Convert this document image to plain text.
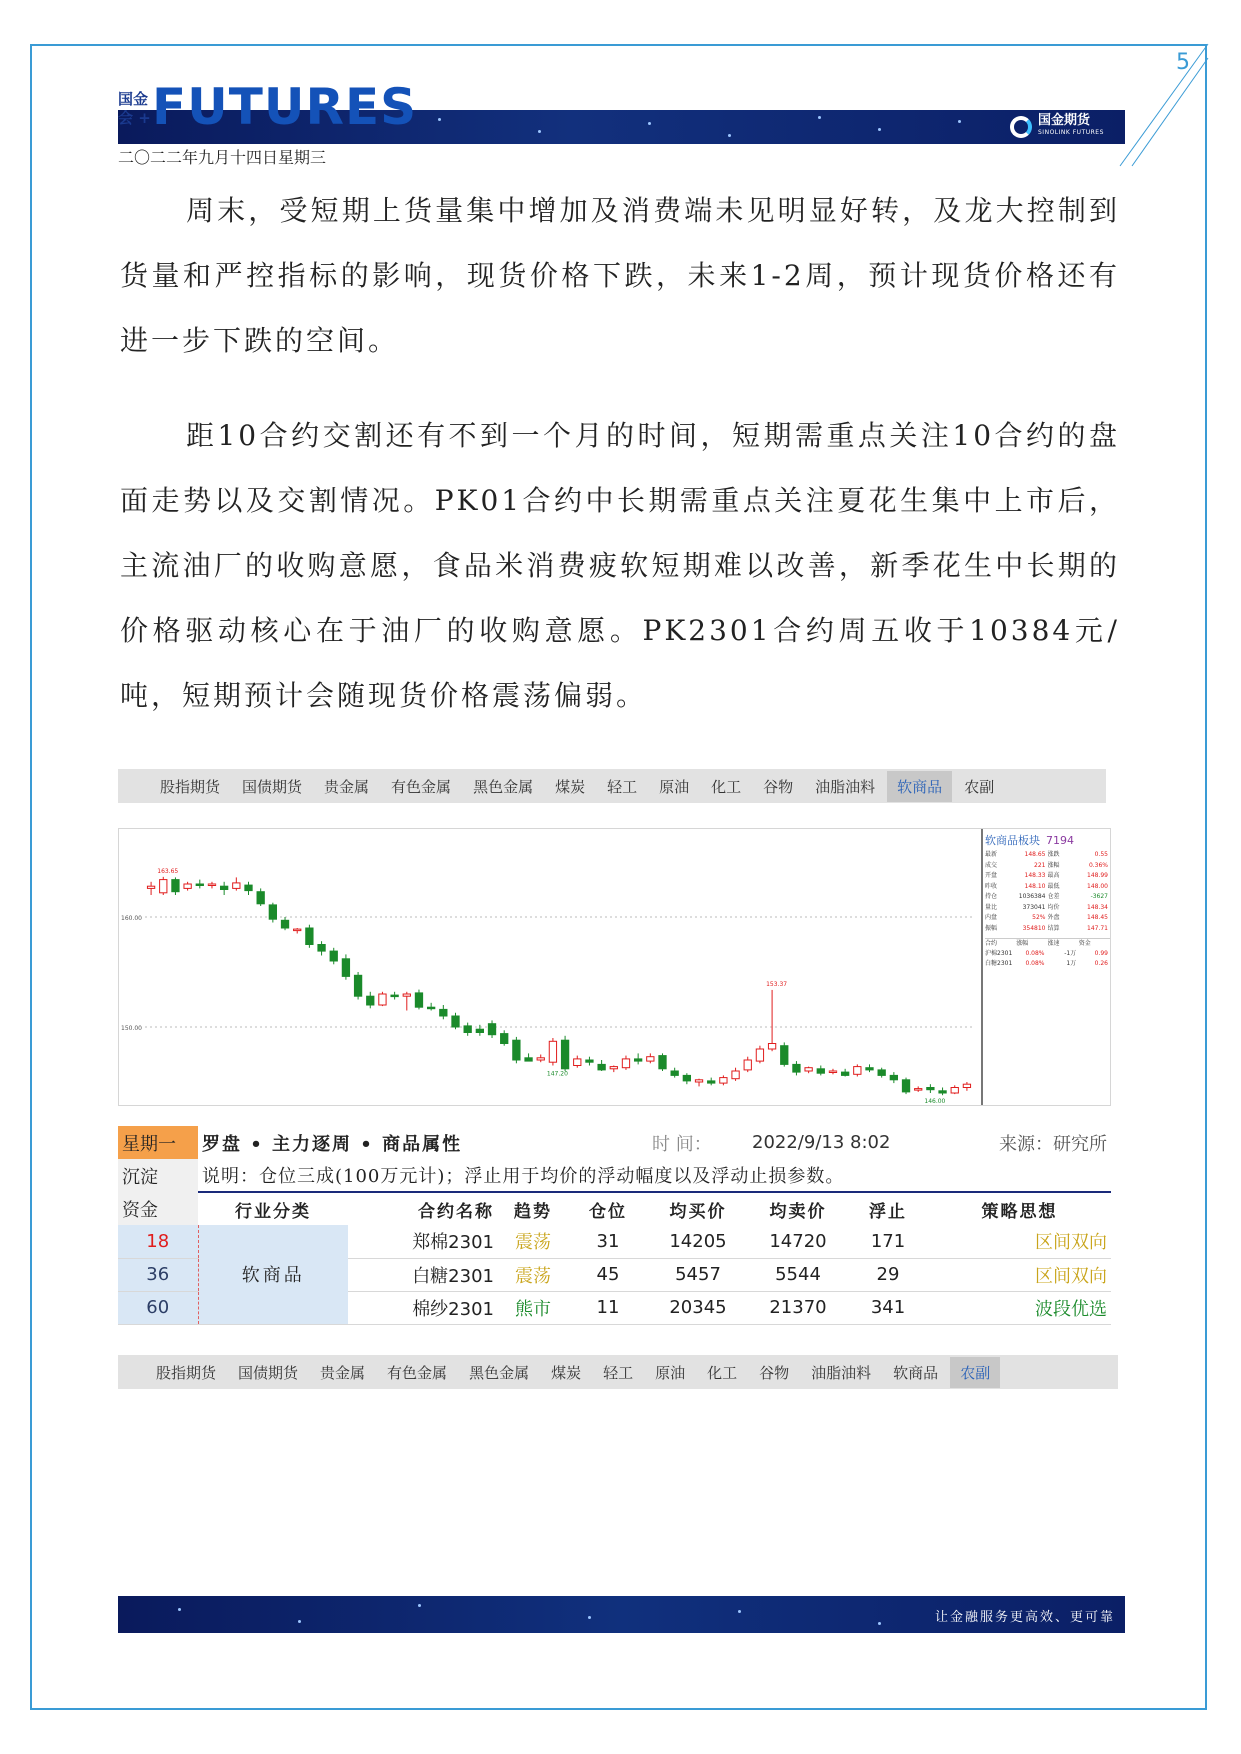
5
国金会 + FUTURES	国金期货
SINOLINK FUTURES
二〇二二年九月十四日星期三

周末，受短期上货量集中增加及消费端未见明显好转，及龙大控制到货量和严控指标的影响，现货价格下跌，未来1-2周，预计现货价格还有进一步下跌的空间。

距10合约交割还有不到一个月的时间，短期需重点关注10合约的盘面走势以及交割情况。PK01合约中长期需重点关注夏花生集中上市后，主流油厂的收购意愿，食品米消费疲软短期难以改善，新季花生中长期的价格驱动核心在于油厂的收购意愿。PK2301合约周五收于10384元/吨，短期预计会随现货价格震荡偏弱。

股指期货 国债期货 贵金属 有色金属 黑色金属 煤炭 轻工 原油 化工 谷物 油脂油料	软商品	农副
160.00
150.00
163.65
147.20
153.37
146.00
软商品板块 7194
最新	148.65 涨跌	0.55
成交	221 涨幅	0.36%
开盘	148.33 最高	148.99
昨收	148.10 最低	148.00
持仓	1036384 仓差	-3627
量比	373041 均价	148.34
内盘	52% 外盘	148.45
振幅	354810 结算	147.71
合约	涨幅	涨速	资金
沪棉2301	0.08%	-1万	0.99
白糖2301	0.08%	1万	0.26
星期一	罗盘 • 主力逐周 • 商品属性				时 间：	2022/9/13 8:02		来源：研究所
沉淀	说明：仓位三成(100万元计)；浮止用于均价的浮动幅度以及浮动止损参数。							
资金	行业分类	合约名称	趋势	仓位	均买价	均卖价	浮止	策略思想
18	软商品	郑棉2301	震荡	31	14205	14720	171	区间双向
36		白糖2301	震荡	45	5457	5544	29	区间双向
60		棉纱2301	熊市	11	20345	21370	341	波段优选
股指期货 国债期货 贵金属 有色金属 黑色金属 煤炭 轻工 原油 化工 谷物 油脂油料 软商品	农副
让金融服务更高效、更可靠
